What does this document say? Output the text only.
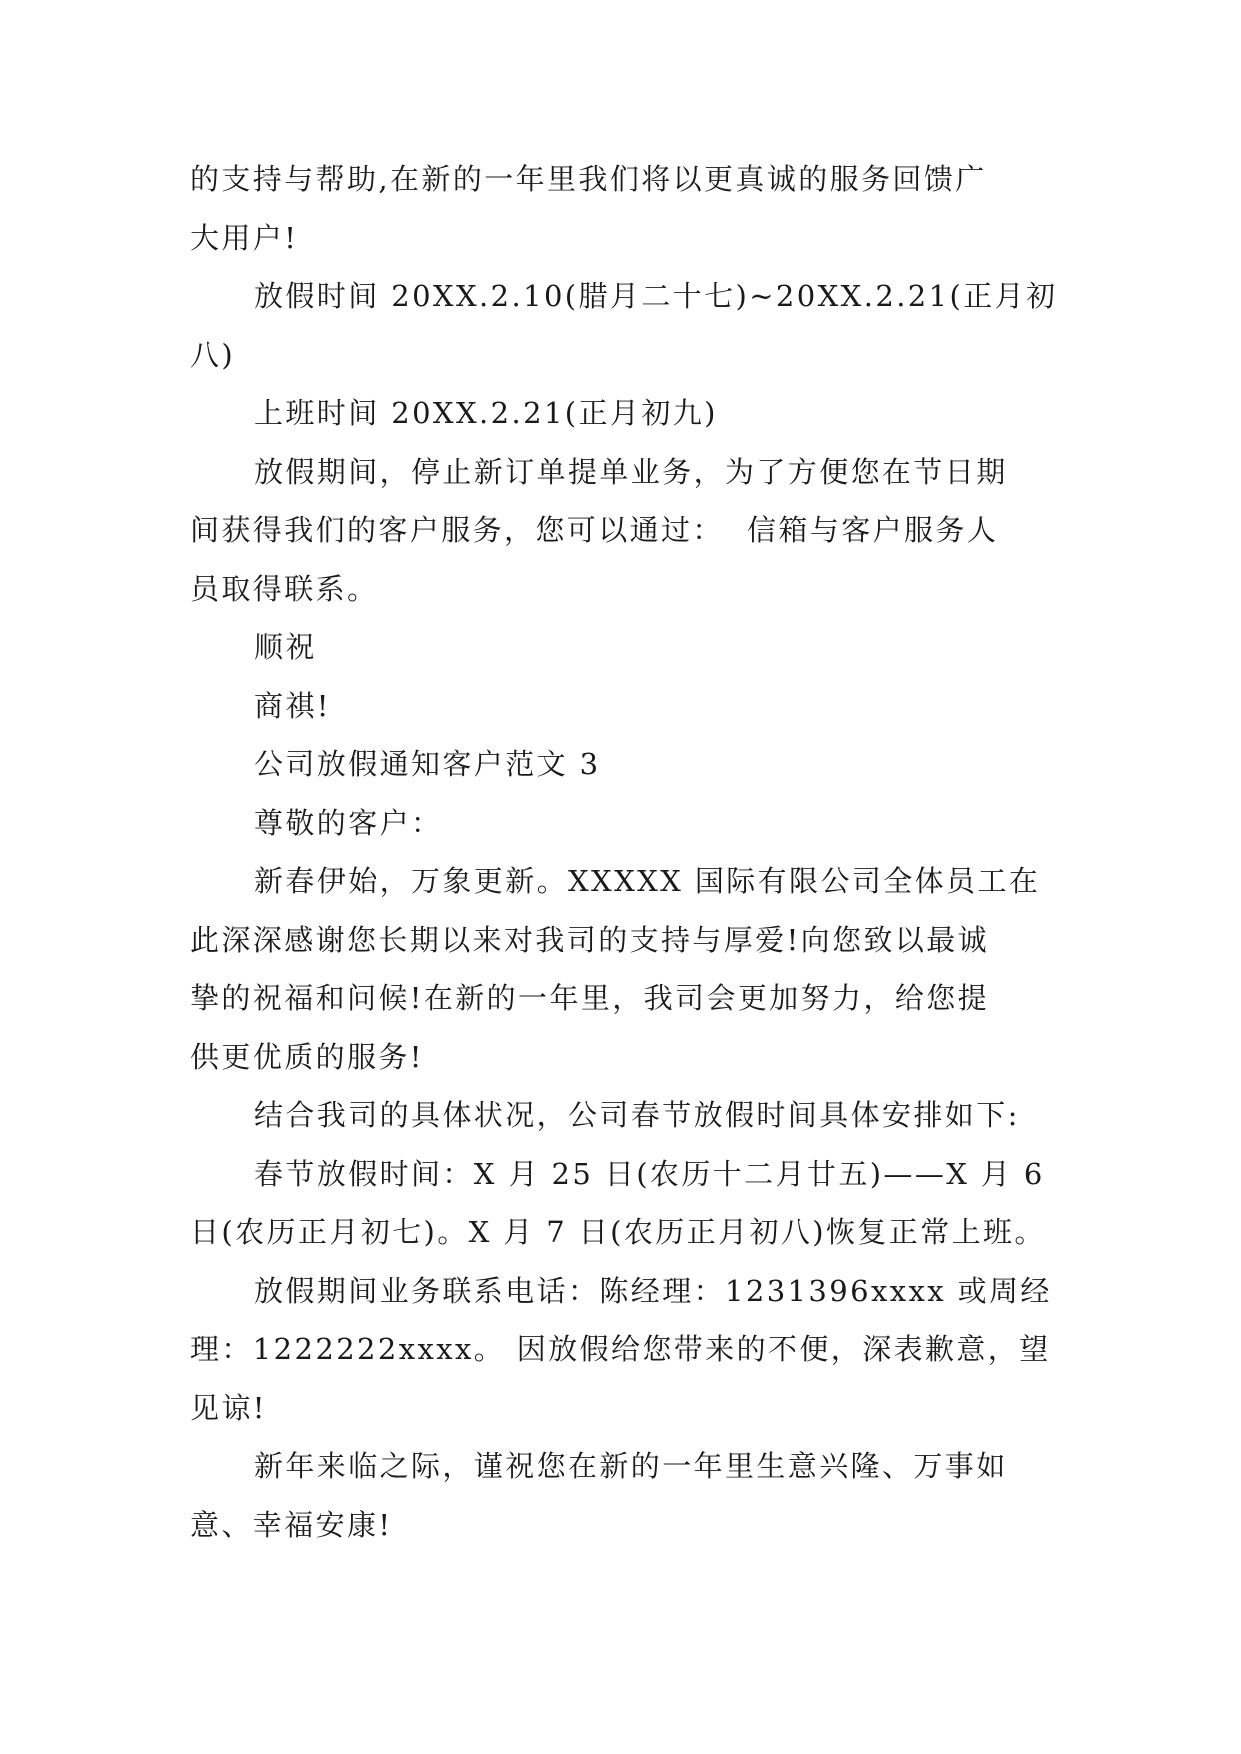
的支持与帮助,在新的一年里我们将以更真诚的服务回馈广
大用户!
放假时间 20XX.2.10(腊月二十七)~20XX.2.21(正月初
八)
上班时间 20XX.2.21(正月初九)
放假期间，停止新订单提单业务，为了方便您在节日期
间获得我们的客户服务，您可以通过：  信箱与客户服务人
员取得联系。
顺祝
商祺!
公司放假通知客户范文 3
尊敬的客户：
新春伊始，万象更新。XXXXX 国际有限公司全体员工在
此深深感谢您长期以来对我司的支持与厚爱!向您致以最诚
挚的祝福和问候!在新的一年里，我司会更加努力，给您提
供更优质的服务!
结合我司的具体状况，公司春节放假时间具体安排如下:
春节放假时间：X 月 25 日(农历十二月廿五)——X 月 6
日(农历正月初七)。X 月 7 日(农历正月初八)恢复正常上班。
放假期间业务联系电话：陈经理：1231396xxxx 或周经
理：1222222xxxx。 因放假给您带来的不便，深表歉意，望
见谅!
新年来临之际，谨祝您在新的一年里生意兴隆、万事如
意、幸福安康!
